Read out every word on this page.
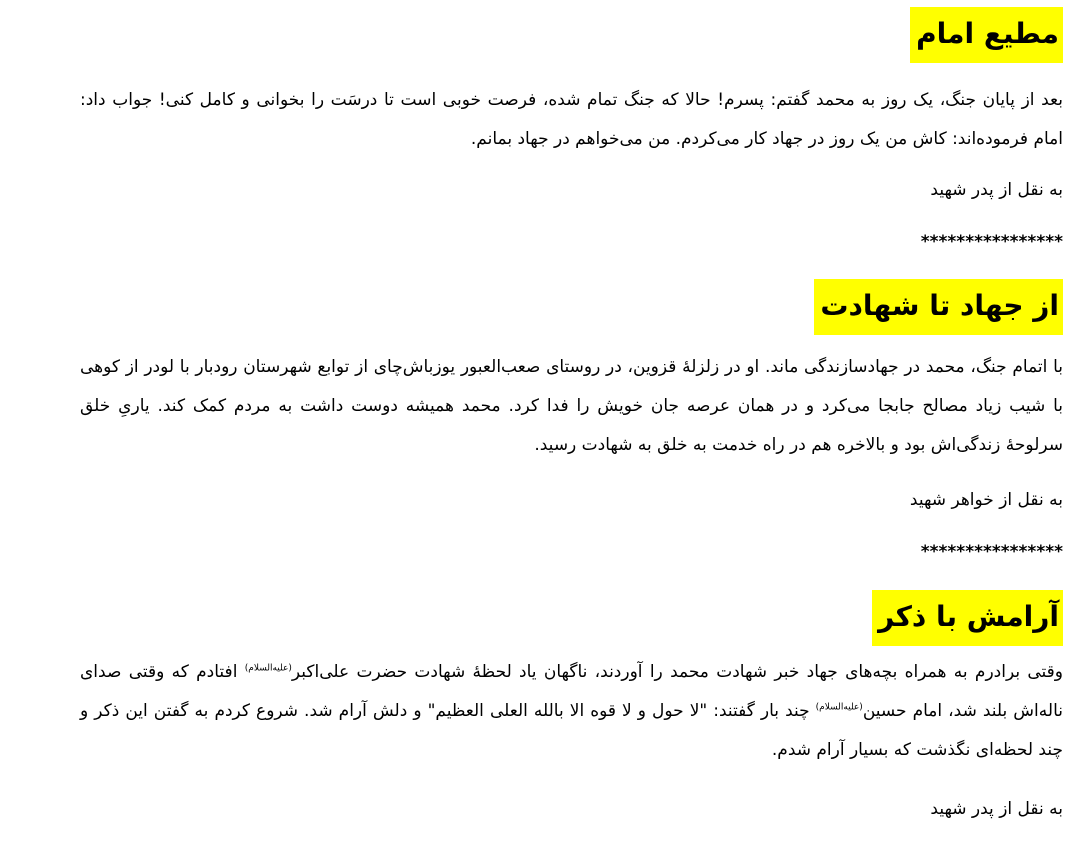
مطیع امام

بعد از پایان جنگ، یک روز به محمد گفتم: پسرم! حالا که جنگ تمام شده، فرصت خوبی است تا درسَت را بخوانی و کامل کنی! جواب داد: امام فرموده‌اند: کاش من یک روز در جهاد کار می‌کردم. من می‌خواهم در جهاد بمانم.

به نقل از پدر شهید

****************

از جهاد تا شهادت

با اتمام جنگ، محمد در جهادسازندگی ماند. او در زلزلهٔ قزوین، در روستای صعب‌العبور یوزباش‌چای از توابع شهرستان رودبار با لودر از کوهی با شیب زیاد مصالح جابجا می‌کرد و در همان عرصه جان خویش را فدا کرد. محمد همیشه دوست داشت به مردم کمک کند. یاریِ خلق سرلوحهٔ زندگی‌اش بود و بالاخره هم در راه خدمت به خلق به شهادت رسید.

به نقل از خواهر شهید

****************

آرامش با ذکر

وقتی برادرم به همراه بچه‌های جهاد خبر شهادت محمد را آوردند، ناگهان یاد لحظهٔ شهادت حضرت علی‌اکبر$^{(علیه‌السلام)}$ افتادم که وقتی صدای ناله‌اش بلند شد، امام حسین$^{(علیه‌السلام)}$ چند بار گفتند: "لا حول و لا قوه الا بالله العلی العظیم" و دلش آرام شد. شروع کردم به گفتن این ذکر و چند لحظه‌ای نگذشت که بسیار آرام شدم.

به نقل از پدر شهید
